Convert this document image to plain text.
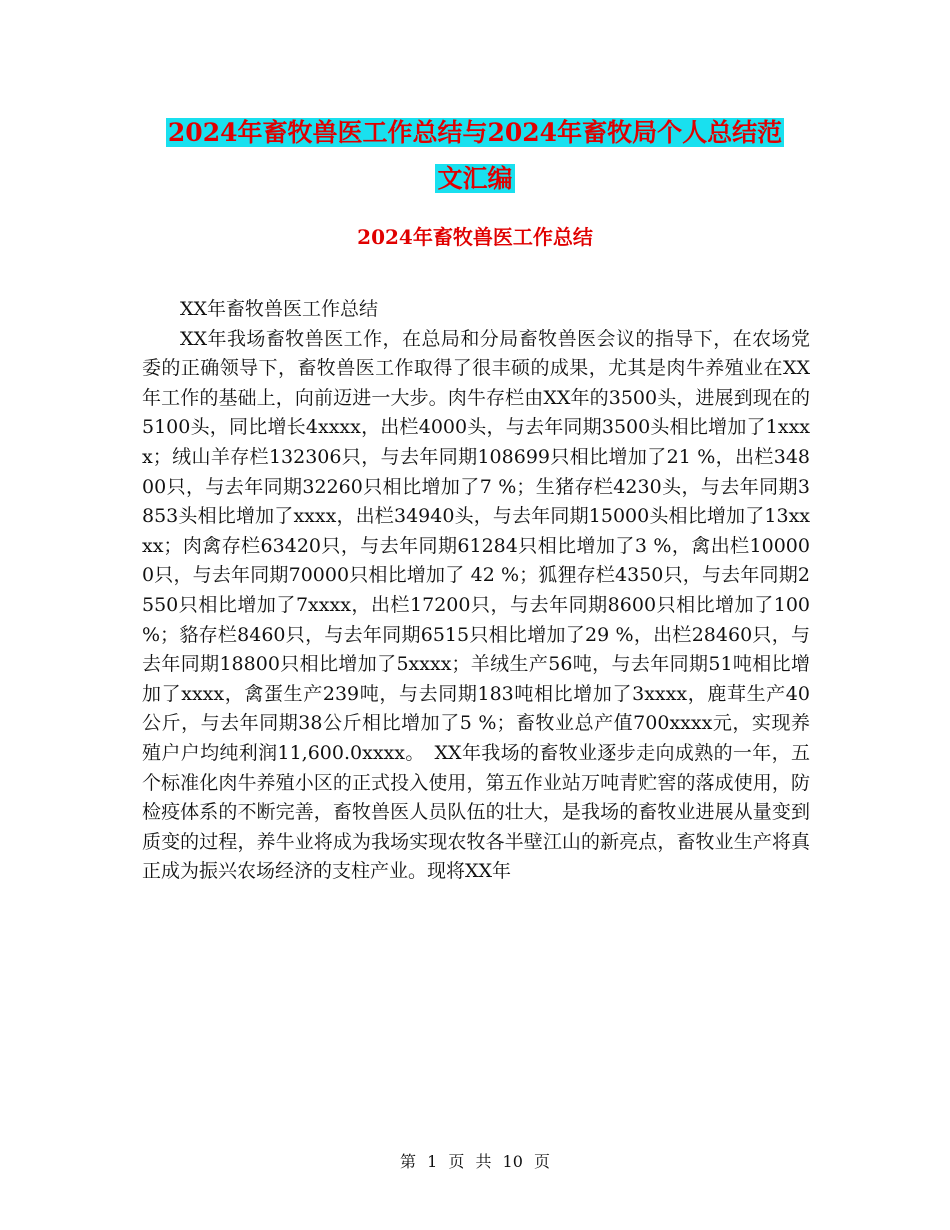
2024年畜牧兽医工作总结与2024年畜牧局个人总结范
文汇编
2024年畜牧兽医工作总结

XX年畜牧兽医工作总结

XX年我场畜牧兽医工作，在总局和分局畜牧兽医会议的指导下，在农场党委的正确领导下，畜牧兽医工作取得了很丰硕的成果，尤其是肉牛养殖业在XX年工作的基础上，向前迈进一大步。肉牛存栏由XX年的3500头，进展到现在的5100头，同比增长4xxxx，出栏4000头，与去年同期3500头相比增加了1xxxx；绒山羊存栏132306只，与去年同期108699只相比增加了21 %，出栏34800只，与去年同期32260只相比增加了7 %；生猪存栏4230头，与去年同期3853头相比增加了xxxx，出栏34940头，与去年同期15000头相比增加了13xxxx；肉禽存栏63420只，与去年同期61284只相比增加了3 %，禽出栏100000只，与去年同期70000只相比增加了 42 %；狐狸存栏4350只，与去年同期2550只相比增加了7xxxx，出栏17200只，与去年同期8600只相比增加了100 %；貉存栏8460只，与去年同期6515只相比增加了29 %，出栏28460只，与去年同期18800只相比增加了5xxxx；羊绒生产56吨，与去年同期51吨相比增加了xxxx，禽蛋生产239吨，与去同期183吨相比增加了3xxxx，鹿茸生产40公斤，与去年同期38公斤相比增加了5 %；畜牧业总产值700xxxx元，实现养殖户户均纯利润11,600.0xxxx。　XX年我场的畜牧业逐步走向成熟的一年，五个标准化肉牛养殖小区的正式投入使用，第五作业站万吨青贮窖的落成使用，防检疫体系的不断完善，畜牧兽医人员队伍的壮大，是我场的畜牧业进展从量变到质变的过程，养牛业将成为我场实现农牧各半壁江山的新亮点，畜牧业生产将真正成为振兴农场经济的支柱产业。现将XX年

第 1 页 共 10 页
